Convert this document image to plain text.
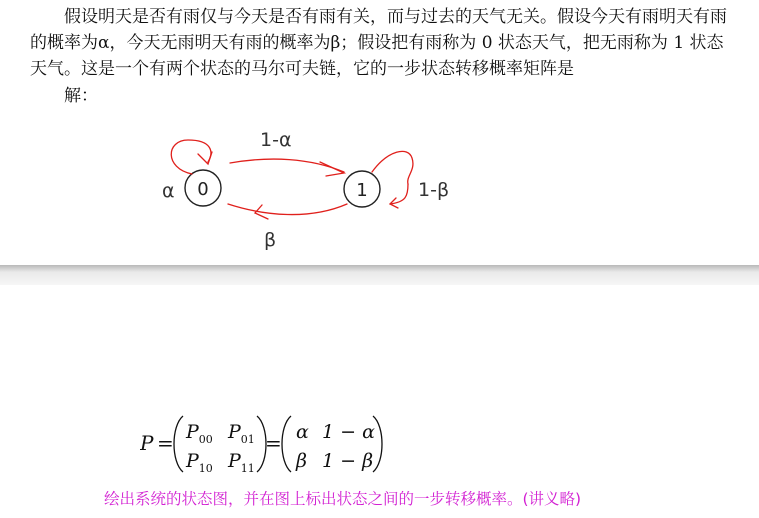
假设明天是否有雨仅与今天是否有雨有关，而与过去的天气无关。假设今天有雨明天有雨的概率为α，今天无雨明天有雨的概率为β；假设把有雨称为 0 状态天气，把无雨称为 1 状态天气。这是一个有两个状态的马尔可夫链，它的一步状态转移概率矩阵是

解：
0	1
1-α
β
α	1-β
$P = P_{00}$ $P_{01}$
$P_{10}$ $P_{11}$
= α 1 − α
β 1 − β
绘出系统的状态图，并在图上标出状态之间的一步转移概率。(讲义略)
